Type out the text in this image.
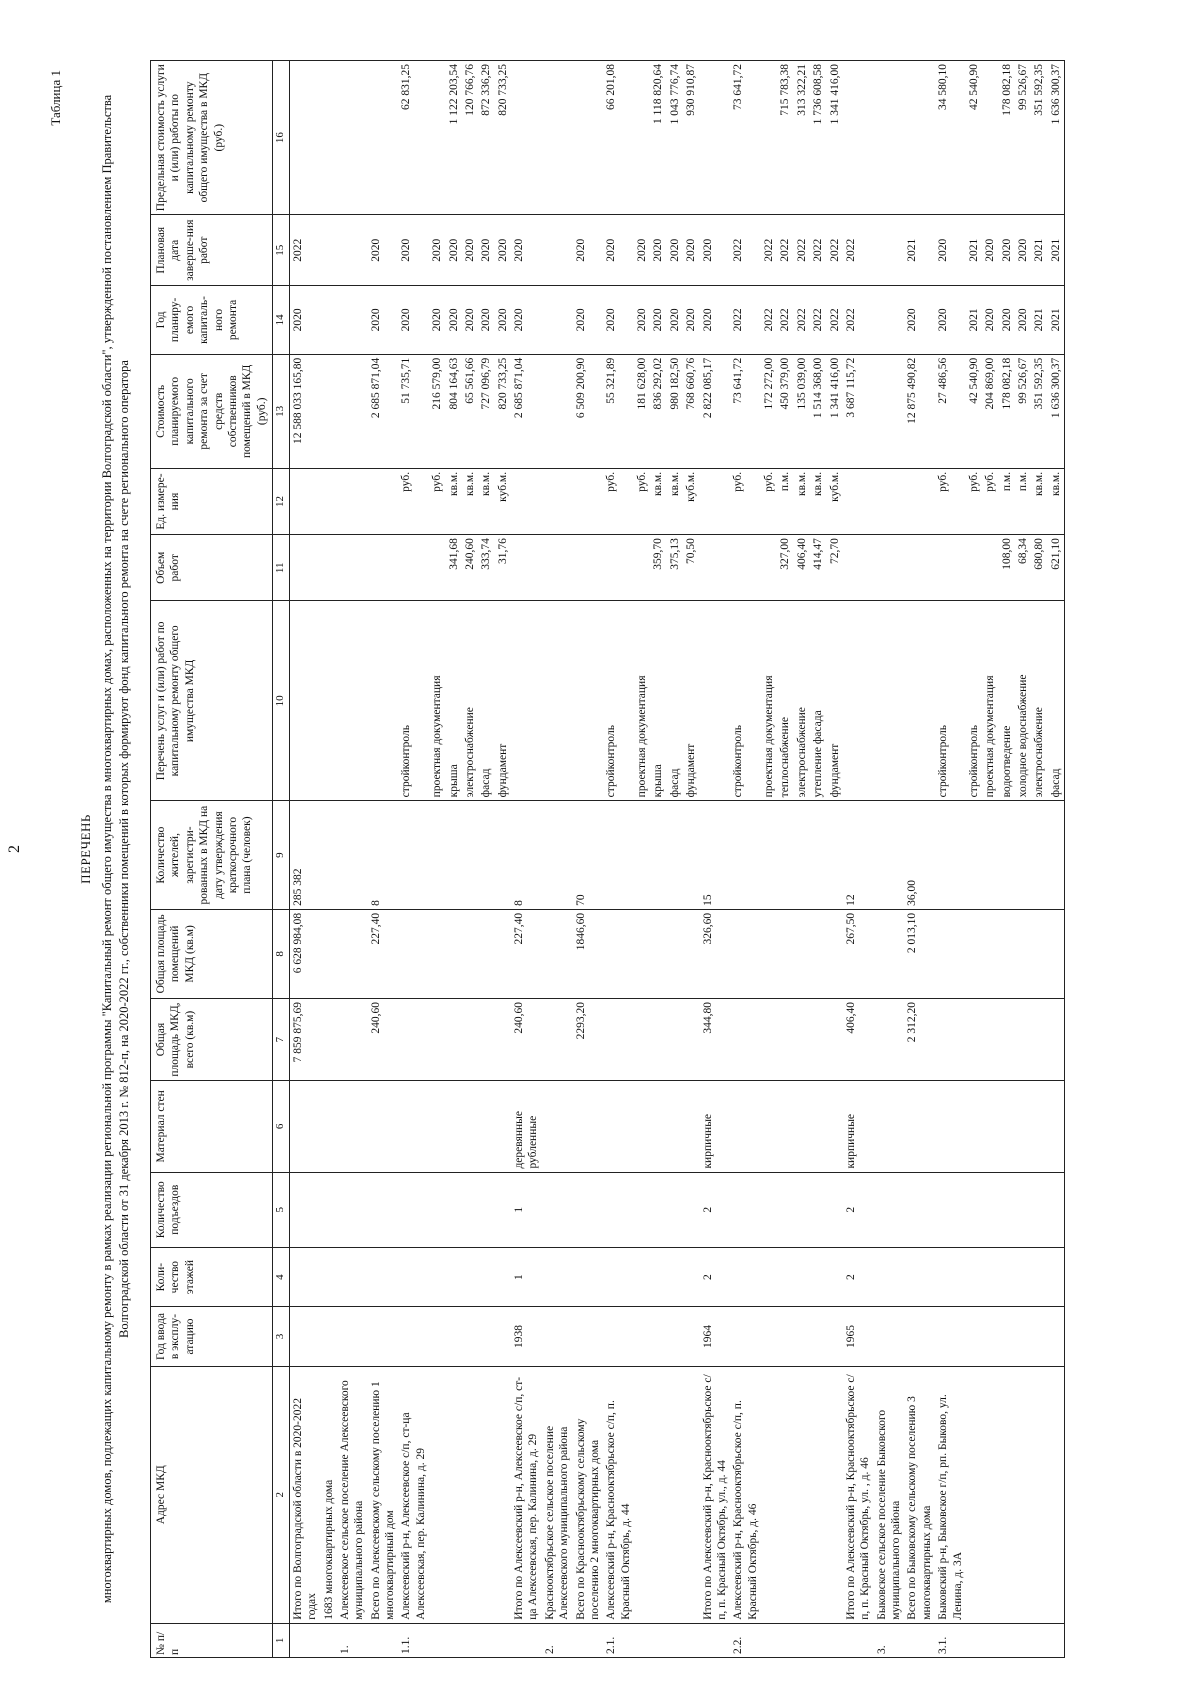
2
Таблица 1
ПЕРЕЧЕНЬ многоквартирных домов, подлежащих капитальному ремонту в рамках реализации региональной программы "Капитальный ремонт общего имущества в многоквартирных домах, расположенных на территории Волгоградской области", утвержденной постановлением Правительства Волгоградской области от 31 декабря 2013 г. № 812-п, на 2020-2022 гг., собственники помещений в которых формируют фонд капитального ремонта на счете регионального оператора
№ п/п	Адрес МКД	Год ввода в эксплу-атацию	Коли-чество этажей	Количество подъездов	Материал стен	Общая площадь МКД, всего (кв.м)	Общая площадь помещений МКД (кв.м)	Количество жителей, зарегистри-рованных в МКД на дату утверждения краткосрочного плана (человек)	Перечень услуг и (или) работ по капитальному ремонту общего имущества МКД	Объем работ	Ед. измере-ния	Стоимость планируемого капитального ремонта за счет средств собственников помещений в МКД (руб.)	Год планиру-емого капиталь-ного ремонта	Плановая дата заверше-ния работ	Предельная стоимость услуги и (или) работы по капитальному ремонту общего имущества в МКД (руб.)
1	2	3	4	5	6	7	8	9	10	11	12	13	14	15	16
	Итого по Волгоградской области в 2020-2022 годах					7 859 875,69	6 628 984,08	285 382				12 588 033 165,80	2020	2022	
	1683 многоквартирных дома														
1.	Алексеевское сельское поселение Алексеевского муниципального района														
	Всего по Алексеевскому сельскому поселению 1 многоквартирный дом					240,60	227,40	8				2 685 871,04	2020	2020	
1.1.	Алексеевский р-н, Алексеевское с/п, ст-ца Алексеевская, пер. Калинина, д. 29								стройконтроль		руб.	51 735,71	2020	2020	62 831,25
									проектная документация		руб.	216 579,00	2020	2020	
									крыша	341,68	кв.м.	804 164,63	2020	2020	1 122 203,54
									электроснабжение	240,60	кв.м.	65 561,66	2020	2020	120 766,76
									фасад	333,74	кв.м.	727 096,79	2020	2020	872 336,29
									фундамент	31,76	куб.м.	820 733,25	2020	2020	820 733,25
	Итого по Алексеевский р-н, Алексеевское с/п, ст-ца Алексеевская, пер. Калинина, д. 29	1938	1	1	деревянные рубленные	240,60	227,40	8				2 685 871,04	2020	2020	
2.	Краснооктябрьское сельское поселение Алексеевского муниципального района														
	Всего по Краснооктябрьскому сельскому поселению 2 многоквартирных дома					2293,20	1846,60	70				6 509 200,90	2020	2020	
2.1.	Алексеевский р-н, Краснооктябрьское с/п, п. Красный Октябрь, д. 44								стройконтроль		руб.	55 321,89	2020	2020	66 201,08
									проектная документация		руб.	181 628,00	2020	2020	
									крыша	359,70	кв.м.	836 292,02	2020	2020	1 118 820,64
									фасад	375,13	кв.м.	980 182,50	2020	2020	1 043 776,74
									фундамент	70,50	куб.м.	768 660,76	2020	2020	930 910,87
	Итого по Алексеевский р-н, Краснооктябрьское с/п, п. Красный Октябрь, ул., д. 44	1964	2	2	кирпичные	344,80	326,60	15				2 822 085,17	2020	2020	
2.2.	Алексеевский р-н, Краснооктябрьское с/п, п. Красный Октябрь, д. 46								стройконтроль		руб.	73 641,72	2022	2022	73 641,72
									проектная документация		руб.	172 272,00	2022	2022	
									теплоснабжение	327,00	п.м.	450 379,00	2022	2022	715 783,38
									электроснабжение	406,40	кв.м.	135 039,00	2022	2022	313 322,21
									утепление фасада	414,47	кв.м.	1 514 368,00	2022	2022	1 736 608,58
									фундамент	72,70	куб.м.	1 341 416,00	2022	2022	1 341 416,00
	Итого по Алексеевский р-н, Краснооктябрьское с/п, п. Красный Октябрь, ул. , д. 46	1965	2	2	кирпичные	406,40	267,50	12				3 687 115,72	2022	2022	
3.	Быковское сельское поселение Быковского муниципального района														
	Всего по Быковскому сельскому поселению 3 многоквартирных дома					2 312,20	2 013,10	36,00				12 875 490,82	2020	2021	
3.1.	Быковский р-н, Быковское г/п, рп. Быково, ул. Ленина, д. 3А								стройконтроль		руб.	27 486,56	2020	2020	34 580,10
									стройконтроль		руб.	42 540,90	2021	2021	42 540,90
									проектная документация		руб.	204 869,00	2020	2020	
									водоотведение	108,00	п.м.	178 082,18	2020	2020	178 082,18
									холодное водоснабжение	68,34	п.м.	99 526,67	2020	2020	99 526,67
									электроснабжение	680,80	кв.м.	351 592,35	2021	2021	351 592,35
									фасад	621,10	кв.м.	1 636 300,37	2021	2021	1 636 300,37
